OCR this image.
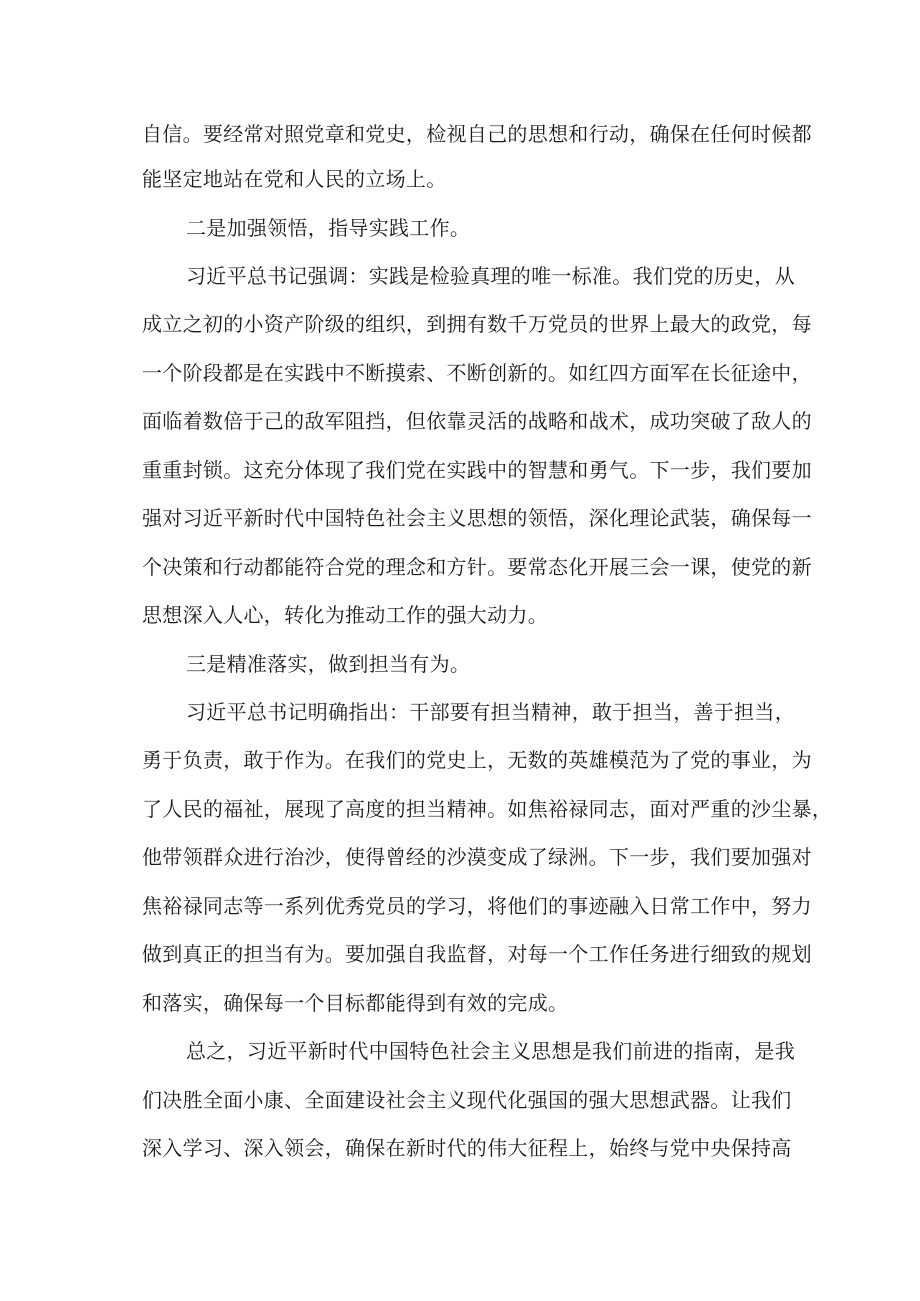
自信。要经常对照党章和党史，检视自己的思想和行动，确保在任何时候都

能坚定地站在党和人民的立场上。

二是加强领悟，指导实践工作。

习近平总书记强调：实践是检验真理的唯一标准。我们党的历史，从

成立之初的小资产阶级的组织，到拥有数千万党员的世界上最大的政党，每

一个阶段都是在实践中不断摸索、不断创新的。如红四方面军在长征途中，

面临着数倍于己的敌军阻挡，但依靠灵活的战略和战术，成功突破了敌人的

重重封锁。这充分体现了我们党在实践中的智慧和勇气。下一步，我们要加

强对习近平新时代中国特色社会主义思想的领悟，深化理论武装，确保每一

个决策和行动都能符合党的理念和方针。要常态化开展三会一课，使党的新

思想深入人心，转化为推动工作的强大动力。

三是精准落实，做到担当有为。

习近平总书记明确指出：干部要有担当精神，敢于担当，善于担当，

勇于负责，敢于作为。在我们的党史上，无数的英雄模范为了党的事业，为

了人民的福祉，展现了高度的担当精神。如焦裕禄同志，面对严重的沙尘暴，

他带领群众进行治沙，使得曾经的沙漠变成了绿洲。下一步，我们要加强对

焦裕禄同志等一系列优秀党员的学习，将他们的事迹融入日常工作中，努力

做到真正的担当有为。要加强自我监督，对每一个工作任务进行细致的规划

和落实，确保每一个目标都能得到有效的完成。

总之，习近平新时代中国特色社会主义思想是我们前进的指南，是我

们决胜全面小康、全面建设社会主义现代化强国的强大思想武器。让我们

深入学习、深入领会，确保在新时代的伟大征程上，始终与党中央保持高
